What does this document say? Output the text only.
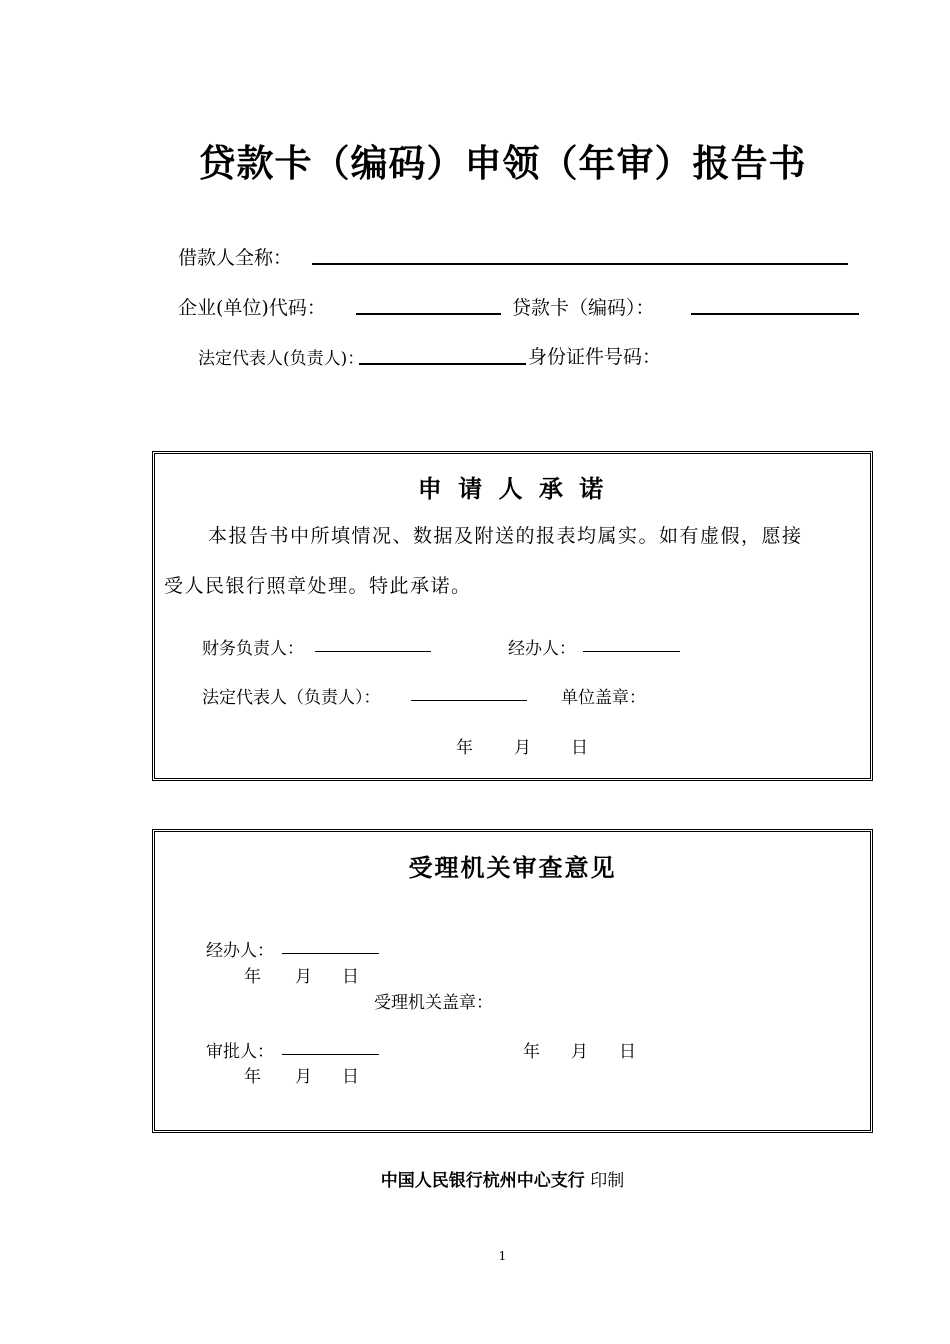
贷款卡（编码）申领（年审）报告书
借款人全称：
企业(单位)代码：	贷款卡（编码）：
法定代表人(负责人)：	身份证件号码：
申 请 人 承 诺
本报告书中所填情况、数据及附送的报表均属实。如有虚假，愿接
受人民银行照章处理。特此承诺。
财务负责人：	经办人：
法定代表人（负责人）：	单位盖章：
年 月 日
受理机关审查意见
经办人：
年 月 日
受理机关盖章：
审批人：	年 月 日
年 月 日
中国人民银行杭州中心支行 印制
1
